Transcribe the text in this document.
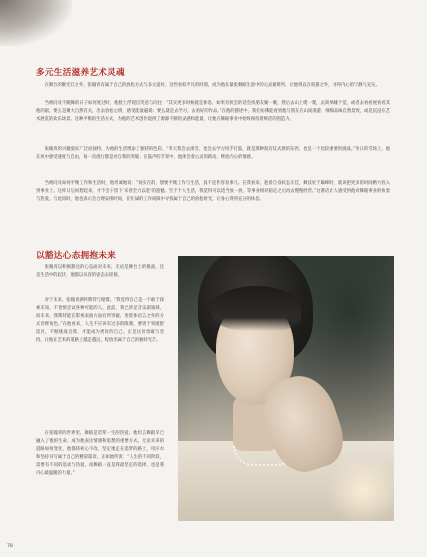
多元生活滋养艺术灵魂

在舞台的聚光灯之外，张翰青有属于自己的放松方式与多元爱好。这些看似平凡的时刻，成为他在紧张舞蹈生涯中的心灵避难所，让他得以在喧嚣之外，寻得内心的宁静与充实。

当被问及不跳舞的日子如何度过时，他脸上浮现出笑意与向往：“其实更多时候就是休息，如果有机会的话会找朋友聚一聚，然后去山上爬一爬，去简单睡个觉，或者去看看展看看其他的剧。要么是聚大自然有关，出去放松心情，感受能量磁场；要么就是去学习，去看好的作品。”在他的描述中，我们仿佛能看到他与朋友在山间漫游，细细品味自然景致，或是沉浸在艺术展览的欢乐场景。这种平衡的生活方式，为他的艺术创作提供了源源不断的灵感和能量，让他在舞蹈事业中始终保持着鲜活的创造力。

张翰青的兴趣爱好广泛而独特，为他的生活增添了独特的色彩。“冬天我会去滑雪，也会去学习用手打鼓，就是那种很有仪式感的东西，也是一个比较重要的挑战。”冬日的雪场上，他在风中感受速度与自由，每一次滑行都是对自我的突破；在鼓声的节奏中，他体会着心灵的跃动，释放内心的情感。

当被问及如何平衡工作和生活时，他坦诚地说：“说实在的，想要平衡工作与生活，真不是件容易事儿。在我看来，趁着自身状态正佳，舞技处于巅峰时，就该把更多的时间精力投入到事业上。这样日后回想起来，才不会干留下‘未曾全力以赴’的遗憾。至于个人生活，我觉得可以适当放一放，等事业相对稳定之后再去慢慢经营。”这番话让人感受到他对舞蹈事业的执着与热爱。与此同时，他也表示会合理安排时间，在忙碌的工作间隙中寻找属于自己的放松时光，让身心得到充分的休息。

以豁达心态拥抱未来

张翰青以积极豁达的心态面对未来，无论是舞台上的挑战，还是生活中的起伏，他都以从容的姿态去迎接。

对于未来，张翰青满怀期待与憧憬。“我觉得自己是一个敢于探索未知，不畏惧尝试各种可能的人。此前，我已涉足音乐剧领域，而未来，我期待能在影视表演方面有所突破，用肢体语言之外的方式诠释角色。”在他看来，人生不应该有过多的限制，要勇于突破舒适区，不断挑战自我，才能成为更好的自己。正是这份勇敢与坚持，让他在艺术的道路上越走越远，绽放出属于自己的独特光芒。

在张翰青的世界里，舞蹈是贯穿一生的热爱。他坦言舞蹈早已融入了他的生命，成为他表达情感和思想的重要方式。无论未来的道路如何变化，他都将初心不改，坚定地走在追梦的路上，用汗水和坚持书写属于自己的精彩篇章，正如他所说：“人生的不同阶段，需要有不同的追求与热爱，而舞蹈一直是我最坚定的选择，也是我内心最温暖的力量。”

78
